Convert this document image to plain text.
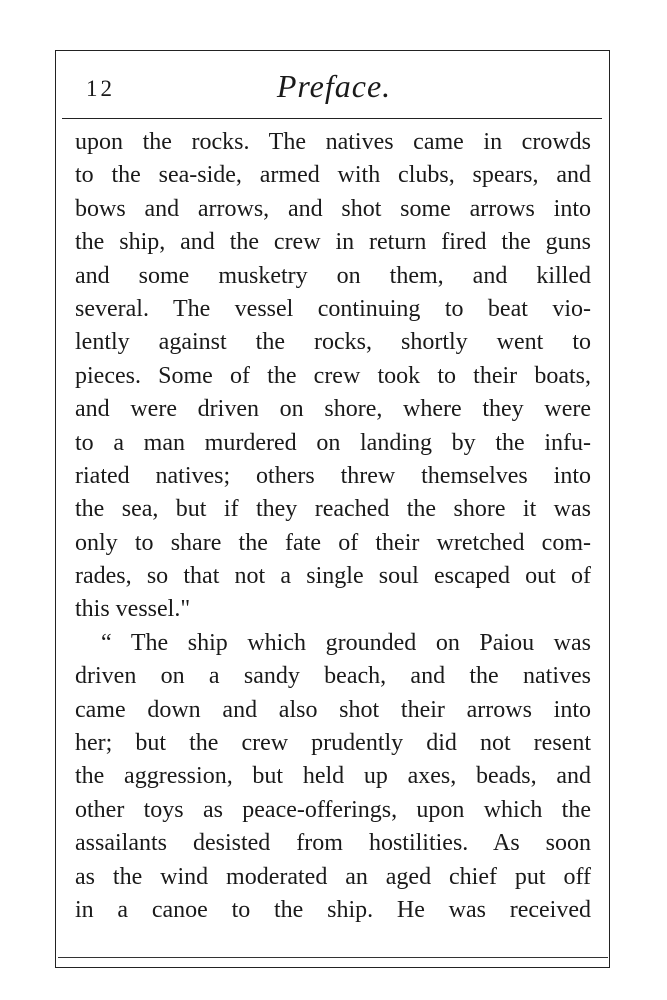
12	Preface.
upon the rocks. The natives came in crowds
to the sea-side, armed with clubs, spears, and
bows and arrows, and shot some arrows into
the ship, and the crew in return fired the guns
and some musketry on them, and killed
several. The vessel continuing to beat vio-
lently against the rocks, shortly went to
pieces. Some of the crew took to their boats,
and were driven on shore, where they were
to a man murdered on landing by the infu-
riated natives; others threw themselves into
the sea, but if they reached the shore it was
only to share the fate of their wretched com-
rades, so that not a single soul escaped out of
this vessel."
“ The ship which grounded on Paiou was
driven on a sandy beach, and the natives
came down and also shot their arrows into
her; but the crew prudently did not resent
the aggression, but held up axes, beads, and
other toys as peace-offerings, upon which the
assailants desisted from hostilities. As soon
as the wind moderated an aged chief put off
in a canoe to the ship. He was received
